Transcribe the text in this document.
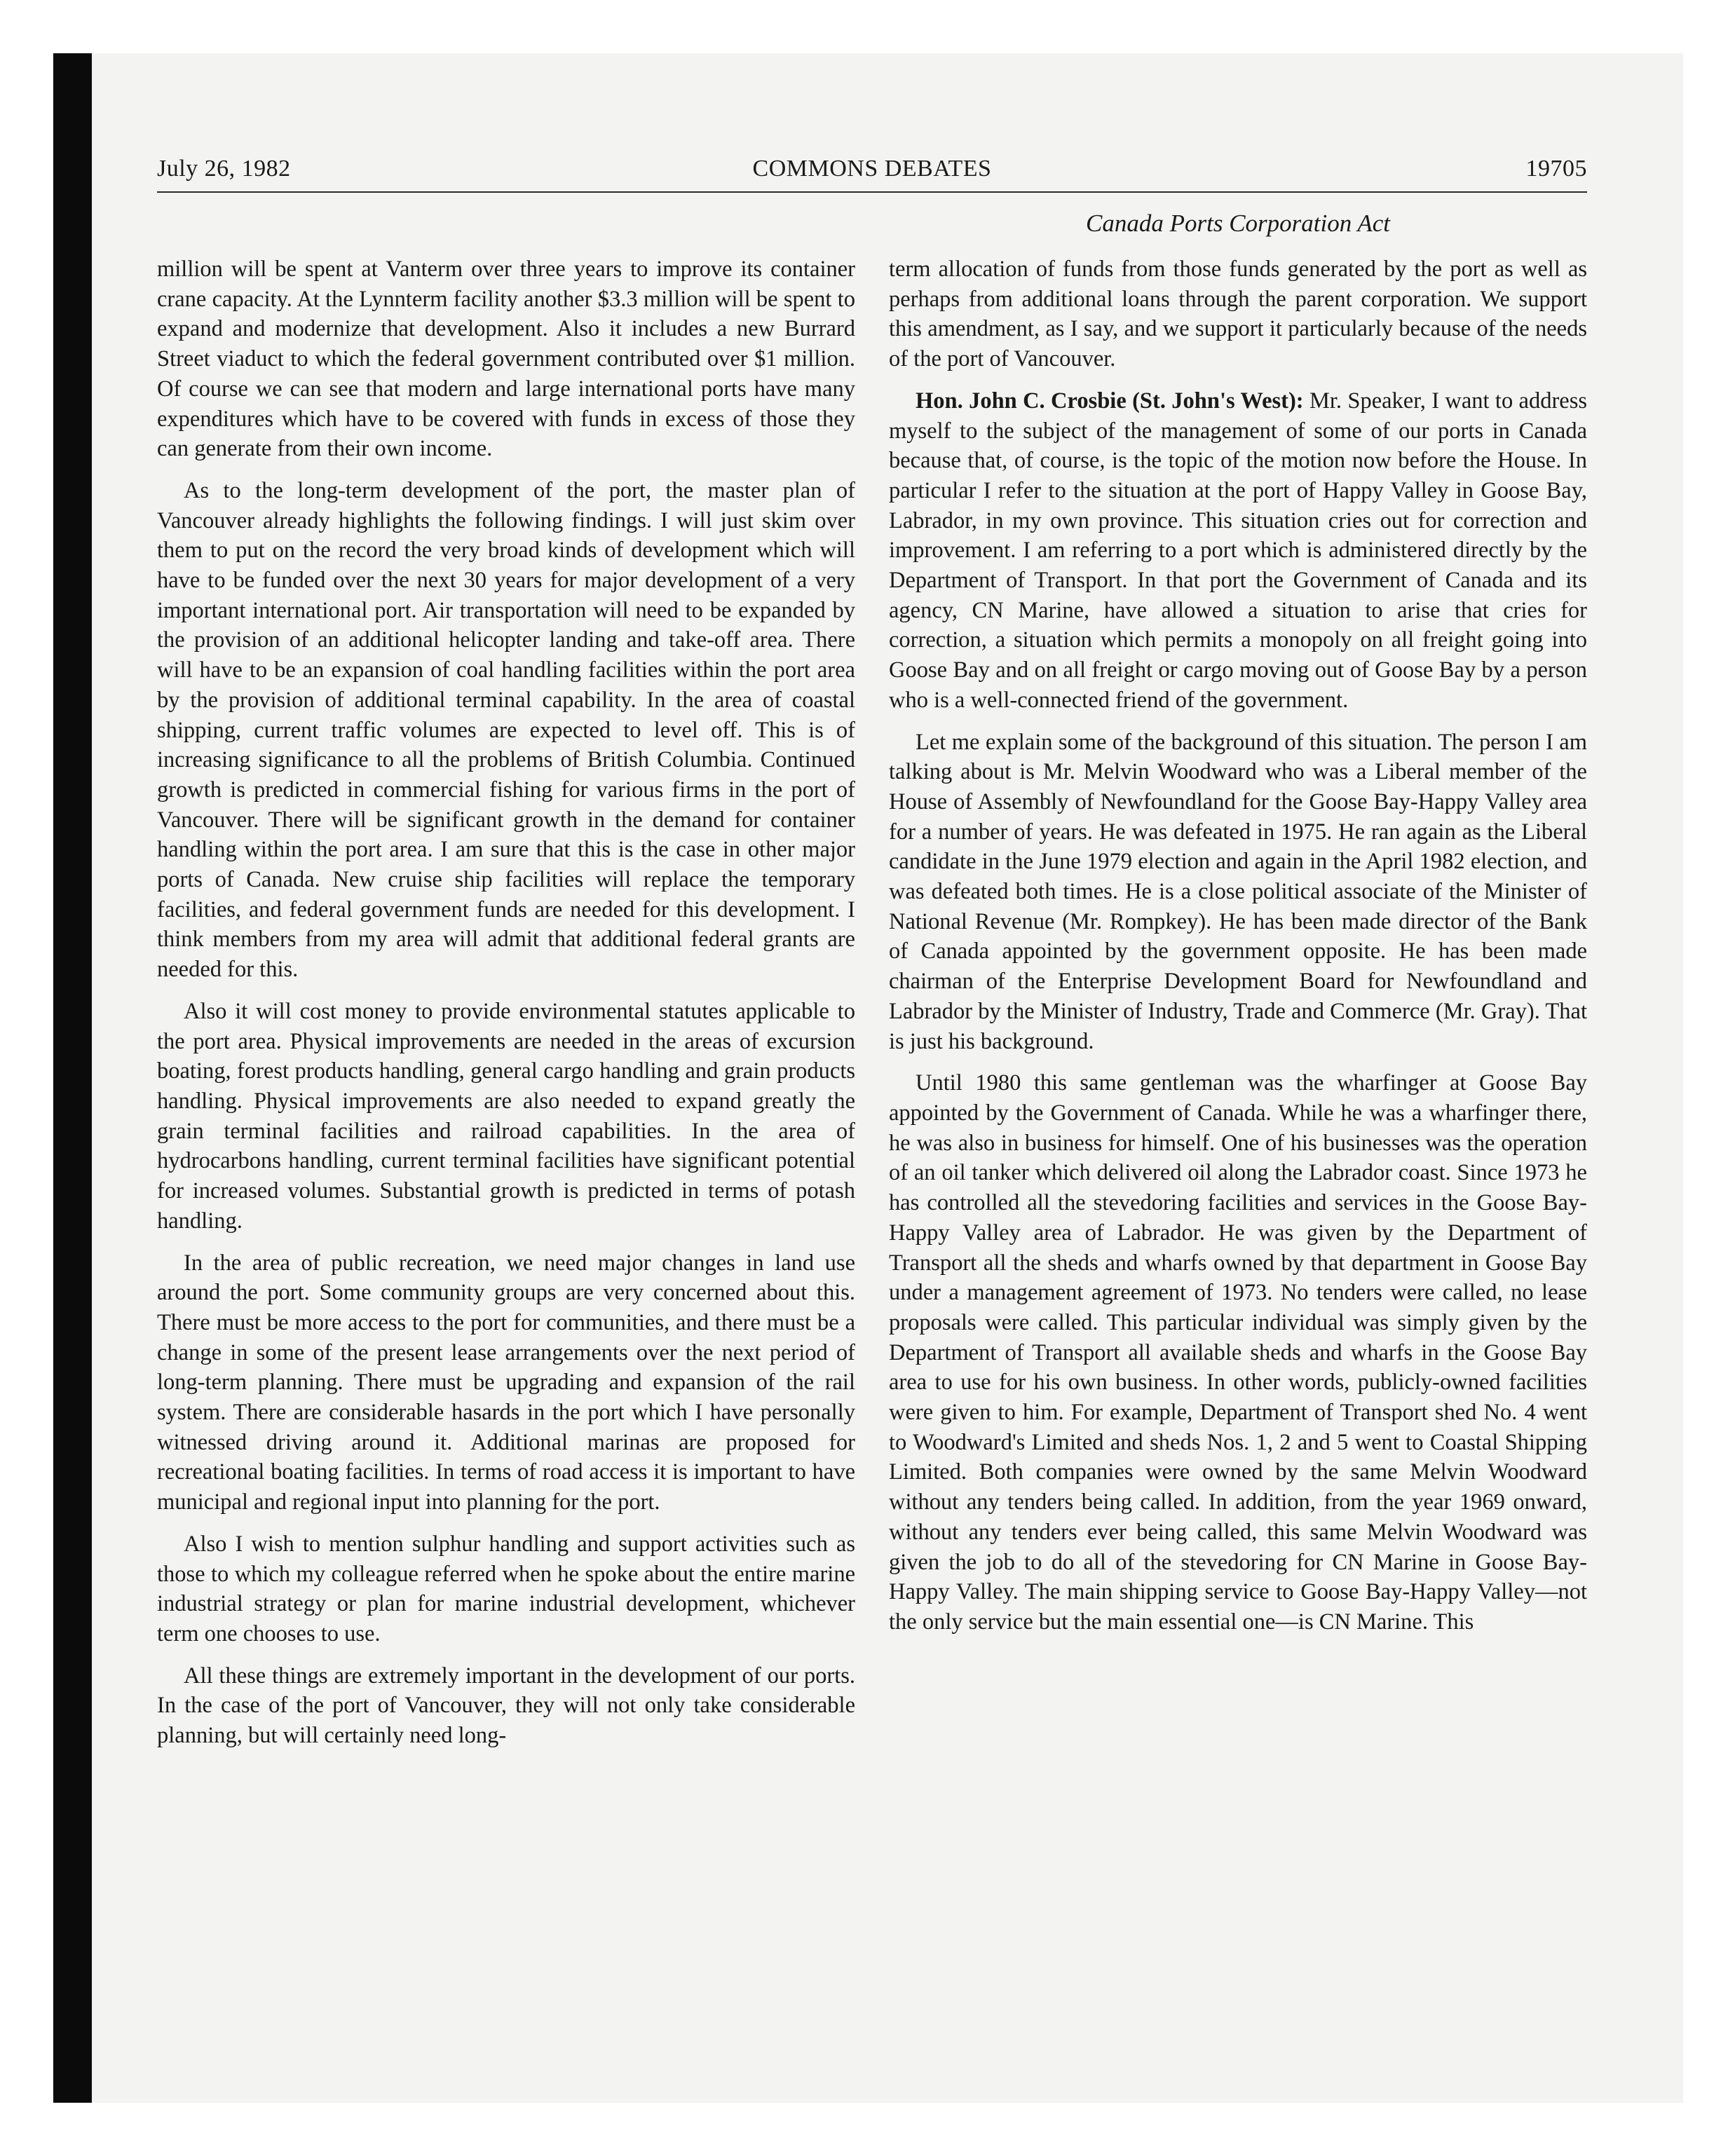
July 26, 1982	COMMONS DEBATES	19705
Canada Ports Corporation Act

million will be spent at Vanterm over three years to improve its container crane capacity. At the Lynnterm facility another $3.3 million will be spent to expand and modernize that development. Also it includes a new Burrard Street viaduct to which the federal government contributed over $1 million. Of course we can see that modern and large international ports have many expenditures which have to be covered with funds in excess of those they can generate from their own income.

As to the long-term development of the port, the master plan of Vancouver already highlights the following findings. I will just skim over them to put on the record the very broad kinds of development which will have to be funded over the next 30 years for major development of a very important international port. Air transportation will need to be expanded by the provision of an additional helicopter landing and take-off area. There will have to be an expansion of coal handling facilities within the port area by the provision of additional terminal capability. In the area of coastal shipping, current traffic volumes are expected to level off. This is of increasing significance to all the problems of British Columbia. Continued growth is predicted in commercial fishing for various firms in the port of Vancouver. There will be significant growth in the demand for container handling within the port area. I am sure that this is the case in other major ports of Canada. New cruise ship facilities will replace the temporary facilities, and federal government funds are needed for this development. I think members from my area will admit that additional federal grants are needed for this.

Also it will cost money to provide environmental statutes applicable to the port area. Physical improvements are needed in the areas of excursion boating, forest products handling, general cargo handling and grain products handling. Physical improvements are also needed to expand greatly the grain terminal facilities and railroad capabilities. In the area of hydrocarbons handling, current terminal facilities have significant potential for increased volumes. Substantial growth is predicted in terms of potash handling.

In the area of public recreation, we need major changes in land use around the port. Some community groups are very concerned about this. There must be more access to the port for communities, and there must be a change in some of the present lease arrangements over the next period of long-term planning. There must be upgrading and expansion of the rail system. There are considerable hasards in the port which I have personally witnessed driving around it. Additional marinas are proposed for recreational boating facilities. In terms of road access it is important to have municipal and regional input into planning for the port.

Also I wish to mention sulphur handling and support activities such as those to which my colleague referred when he spoke about the entire marine industrial strategy or plan for marine industrial development, whichever term one chooses to use.

All these things are extremely important in the development of our ports. In the case of the port of Vancouver, they will not only take considerable planning, but will certainly need long-

term allocation of funds from those funds generated by the port as well as perhaps from additional loans through the parent corporation. We support this amendment, as I say, and we support it particularly because of the needs of the port of Vancouver.

Hon. John C. Crosbie (St. John's West): Mr. Speaker, I want to address myself to the subject of the management of some of our ports in Canada because that, of course, is the topic of the motion now before the House. In particular I refer to the situation at the port of Happy Valley in Goose Bay, Labrador, in my own province. This situation cries out for correction and improvement. I am referring to a port which is administered directly by the Department of Transport. In that port the Government of Canada and its agency, CN Marine, have allowed a situation to arise that cries for correction, a situation which permits a monopoly on all freight going into Goose Bay and on all freight or cargo moving out of Goose Bay by a person who is a well-connected friend of the government.

Let me explain some of the background of this situation. The person I am talking about is Mr. Melvin Woodward who was a Liberal member of the House of Assembly of Newfoundland for the Goose Bay-Happy Valley area for a number of years. He was defeated in 1975. He ran again as the Liberal candidate in the June 1979 election and again in the April 1982 election, and was defeated both times. He is a close political associate of the Minister of National Revenue (Mr. Rompkey). He has been made director of the Bank of Canada appointed by the government opposite. He has been made chairman of the Enterprise Development Board for Newfoundland and Labrador by the Minister of Industry, Trade and Commerce (Mr. Gray). That is just his background.

Until 1980 this same gentleman was the wharfinger at Goose Bay appointed by the Government of Canada. While he was a wharfinger there, he was also in business for himself. One of his businesses was the operation of an oil tanker which delivered oil along the Labrador coast. Since 1973 he has controlled all the stevedoring facilities and services in the Goose Bay-Happy Valley area of Labrador. He was given by the Department of Transport all the sheds and wharfs owned by that department in Goose Bay under a management agreement of 1973. No tenders were called, no lease proposals were called. This particular individual was simply given by the Department of Transport all available sheds and wharfs in the Goose Bay area to use for his own business. In other words, publicly-owned facilities were given to him. For example, Department of Transport shed No. 4 went to Woodward's Limited and sheds Nos. 1, 2 and 5 went to Coastal Shipping Limited. Both companies were owned by the same Melvin Woodward without any tenders being called. In addition, from the year 1969 onward, without any tenders ever being called, this same Melvin Woodward was given the job to do all of the stevedoring for CN Marine in Goose Bay-Happy Valley. The main shipping service to Goose Bay-Happy Valley—not the only service but the main essential one—is CN Marine. This
